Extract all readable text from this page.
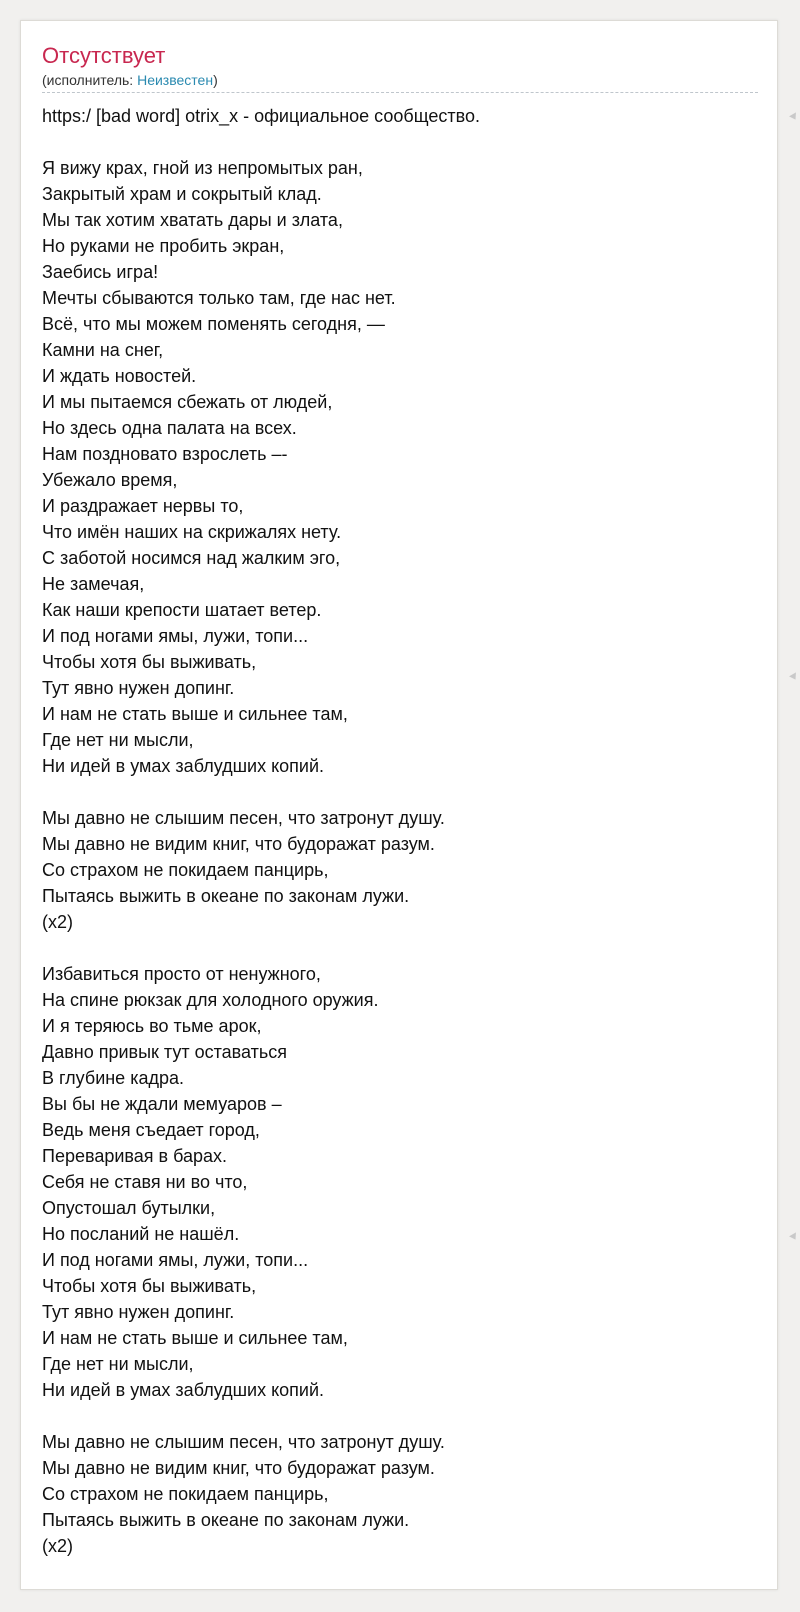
Отсутствует
(исполнитель: Неизвестен)
https:/ [bad word] otrix_x - официальное сообщество.
Я вижу крах, гной из непромытых ран,
Закрытый храм и сокрытый клад.
Мы так хотим хватать дары и злата,
Но руками не пробить экран,
Заебись игра!
Мечты сбываются только там, где нас нет.
Всё, что мы можем поменять сегодня, —
Камни на снег,
И ждать новостей.
И мы пытаемся сбежать от людей,
Но здесь одна палата на всех.
Нам поздновато взрослеть –-
Убежало время,
И раздражает нервы то,
Что имён наших на скрижалях нету.
С заботой носимся над жалким эго,
Не замечая,
Как наши крепости шатает ветер.
И под ногами ямы, лужи, топи...
Чтобы хотя бы выживать,
Тут явно нужен допинг.
И нам не стать выше и сильнее там,
Где нет ни мысли,
Ни идей в умах заблудших копий.
Мы давно не слышим песен, что затронут душу.
Мы давно не видим книг, что будоражат разум.
Со страхом не покидаем панцирь,
Пытаясь выжить в океане по законам лужи.
(x2)
Избавиться просто от ненужного,
На спине рюкзак для холодного оружия.
И я теряюсь во тьме арок,
Давно привык тут оставаться
В глубине кадра.
Вы бы не ждали мемуаров –
Ведь меня съедает город,
Переваривая в барах.
Себя не ставя ни во что,
Опустошал бутылки,
Но посланий не нашёл.
И под ногами ямы, лужи, топи...
Чтобы хотя бы выживать,
Тут явно нужен допинг.
И нам не стать выше и сильнее там,
Где нет ни мысли,
Ни идей в умах заблудших копий.
Мы давно не слышим песен, что затронут душу.
Мы давно не видим книг, что будоражат разум.
Со страхом не покидаем панцирь,
Пытаясь выжить в океане по законам лужи.
(x2)
